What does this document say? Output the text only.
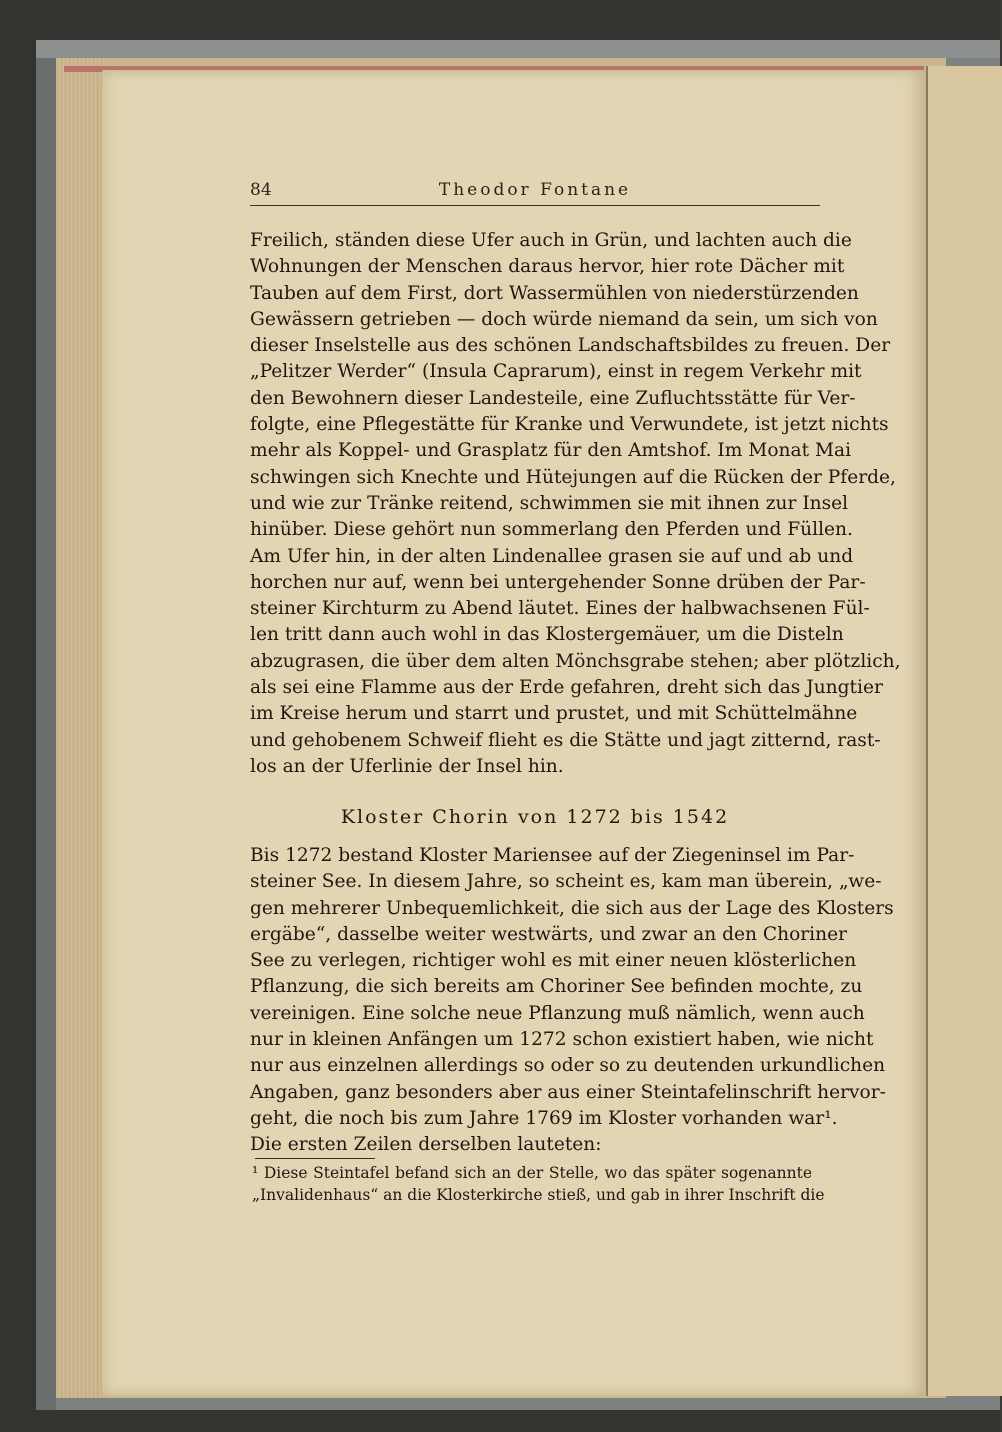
84	Theodor Fontane
Freilich, ständen diese Ufer auch in Grün, und lachten auch die
Wohnungen der Menschen daraus hervor, hier rote Dächer mit
Tauben auf dem First, dort Wassermühlen von niederstürzenden
Gewässern getrieben — doch würde niemand da sein, um sich von
dieser Inselstelle aus des schönen Landschaftsbildes zu freuen. Der
„Pelitzer Werder“ (Insula Caprarum), einst in regem Verkehr mit
den Bewohnern dieser Landesteile, eine Zufluchtsstätte für Ver-
folgte, eine Pflegestätte für Kranke und Verwundete, ist jetzt nichts
mehr als Koppel- und Grasplatz für den Amtshof. Im Monat Mai
schwingen sich Knechte und Hütejungen auf die Rücken der Pferde,
und wie zur Tränke reitend, schwimmen sie mit ihnen zur Insel
hinüber. Diese gehört nun sommerlang den Pferden und Füllen.
Am Ufer hin, in der alten Lindenallee grasen sie auf und ab und
horchen nur auf, wenn bei untergehender Sonne drüben der Par-
steiner Kirchturm zu Abend läutet. Eines der halbwachsenen Fül-
len tritt dann auch wohl in das Klostergemäuer, um die Disteln
abzugrasen, die über dem alten Mönchsgrabe stehen; aber plötzlich,
als sei eine Flamme aus der Erde gefahren, dreht sich das Jungtier
im Kreise herum und starrt und prustet, und mit Schüttelmähne
und gehobenem Schweif flieht es die Stätte und jagt zitternd, rast-
los an der Uferlinie der Insel hin.
Kloster Chorin von 1272 bis 1542
Bis 1272 bestand Kloster Mariensee auf der Ziegeninsel im Par-
steiner See. In diesem Jahre, so scheint es, kam man überein, „we-
gen mehrerer Unbequemlichkeit, die sich aus der Lage des Klosters
ergäbe“, dasselbe weiter westwärts, und zwar an den Choriner
See zu verlegen, richtiger wohl es mit einer neuen klösterlichen
Pflanzung, die sich bereits am Choriner See befinden mochte, zu
vereinigen. Eine solche neue Pflanzung muß nämlich, wenn auch
nur in kleinen Anfängen um 1272 schon existiert haben, wie nicht
nur aus einzelnen allerdings so oder so zu deutenden urkundlichen
Angaben, ganz besonders aber aus einer Steintafelinschrift hervor-
geht, die noch bis zum Jahre 1769 im Kloster vorhanden war¹.
Die ersten Zeilen derselben lauteten:
¹ Diese Steintafel befand sich an der Stelle, wo das später sogenannte
„Invalidenhaus“ an die Klosterkirche stieß, und gab in ihrer Inschrift die
